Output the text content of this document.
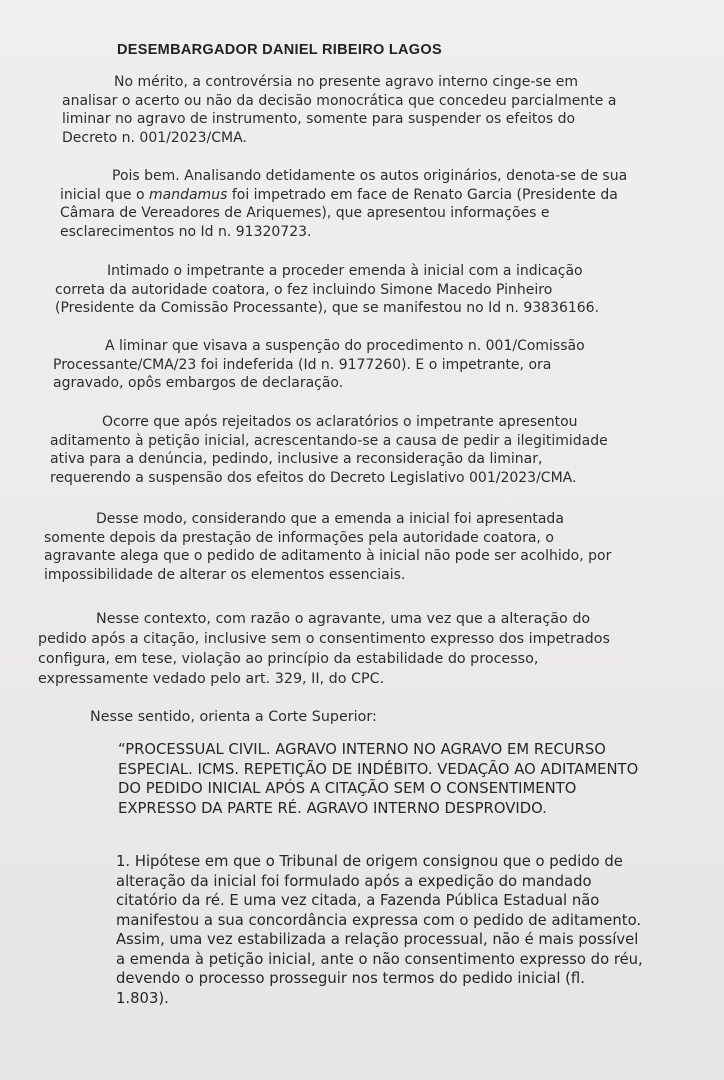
DESEMBARGADOR DANIEL RIBEIRO LAGOS
No mérito, a controvérsia no presente agravo interno cinge-se em
analisar o acerto ou não da decisão monocrática que concedeu parcialmente a
liminar no agravo de instrumento, somente para suspender os efeitos do
Decreto n. 001/2023/CMA.
Pois bem. Analisando detidamente os autos originários, denota-se de sua
inicial que o mandamus foi impetrado em face de Renato Garcia (Presidente da
Câmara de Vereadores de Ariquemes), que apresentou informações e
esclarecimentos no Id n. 91320723.
Intimado o impetrante a proceder emenda à inicial com a indicação
correta da autoridade coatora, o fez incluindo Simone Macedo Pinheiro
(Presidente da Comissão Processante), que se manifestou no Id n. 93836166.
A liminar que visava a suspenção do procedimento n. 001/Comissão
Processante/CMA/23 foi indeferida (Id n. 9177260). E o impetrante, ora
agravado, opôs embargos de declaração.
Ocorre que após rejeitados os aclaratórios o impetrante apresentou
aditamento à petição inicial, acrescentando-se a causa de pedir a ilegitimidade
ativa para a denúncia, pedindo, inclusive a reconsideração da liminar,
requerendo a suspensão dos efeitos do Decreto Legislativo 001/2023/CMA.
Desse modo, considerando que a emenda a inicial foi apresentada
somente depois da prestação de informações pela autoridade coatora, o
agravante alega que o pedido de aditamento à inicial não pode ser acolhido, por
impossibilidade de alterar os elementos essenciais.
Nesse contexto, com razão o agravante, uma vez que a alteração do
pedido após a citação, inclusive sem o consentimento expresso dos impetrados
configura, em tese, violação ao princípio da estabilidade do processo,
expressamente vedado pelo art. 329, II, do CPC.
Nesse sentido, orienta a Corte Superior:
“PROCESSUAL CIVIL. AGRAVO INTERNO NO AGRAVO EM RECURSO
ESPECIAL. ICMS. REPETIÇÃO DE INDÉBITO. VEDAÇÃO AO ADITAMENTO
DO PEDIDO INICIAL APÓS A CITAÇÃO SEM O CONSENTIMENTO
EXPRESSO DA PARTE RÉ. AGRAVO INTERNO DESPROVIDO.
1. Hipótese em que o Tribunal de origem consignou que o pedido de
alteração da inicial foi formulado após a expedição do mandado
citatório da ré. E uma vez citada, a Fazenda Pública Estadual não
manifestou a sua concordância expressa com o pedido de aditamento.
Assim, uma vez estabilizada a relação processual, não é mais possível
a emenda à petição inicial, ante o não consentimento expresso do réu,
devendo o processo prosseguir nos termos do pedido inicial (fl.
1.803).
